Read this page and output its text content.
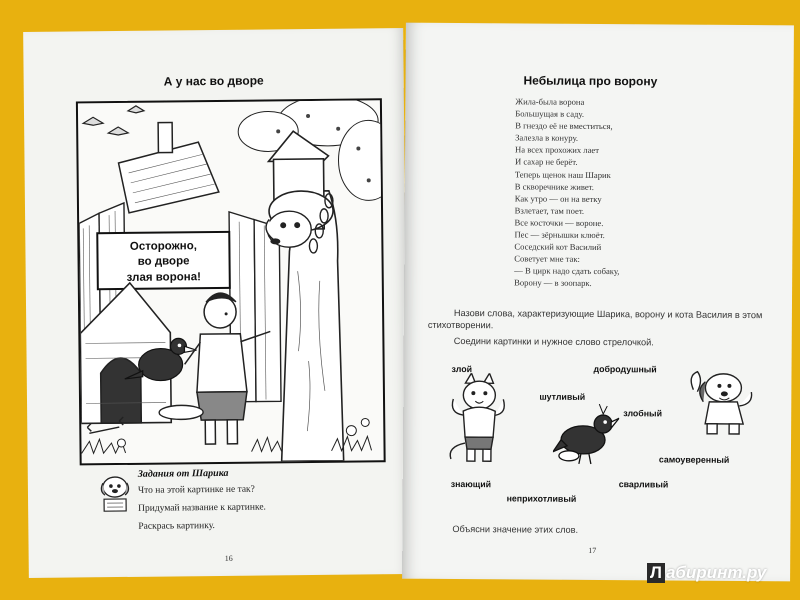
А у нас во дворе
Осторожно,
во дворе
злая ворона!
Задания от Шарика
Что на этой картинке не так?
Придумай название к картинке.
Раскрась картинку.
16
Небылица про ворону
Жила-была ворона
Большущая в саду.
В гнездо её не вместиться,
Залезла в конуру.
На всех прохожих лает
И сахар не берёт.
Теперь щенок наш Шарик
В скворечнике живет.
Как утро — он на ветку
Взлетает, там поет.
Все косточки — вороне.
Пес — зёрнышки клюёт.
Соседский кот Василий
Советует мне так:
— В цирк надо сдать собаку,
Ворону — в зоопарк.
Назови слова, характеризующие Шарика, ворону и кота Василия в этом стихотворении.
Соедини картинки и нужное слово стрелочкой.
злой	добродушный
шутливый
злобный
самоуверенный
знающий	сварливый
неприхотливый
Объясни значение этих слов.
17
Л абиринт.ру
